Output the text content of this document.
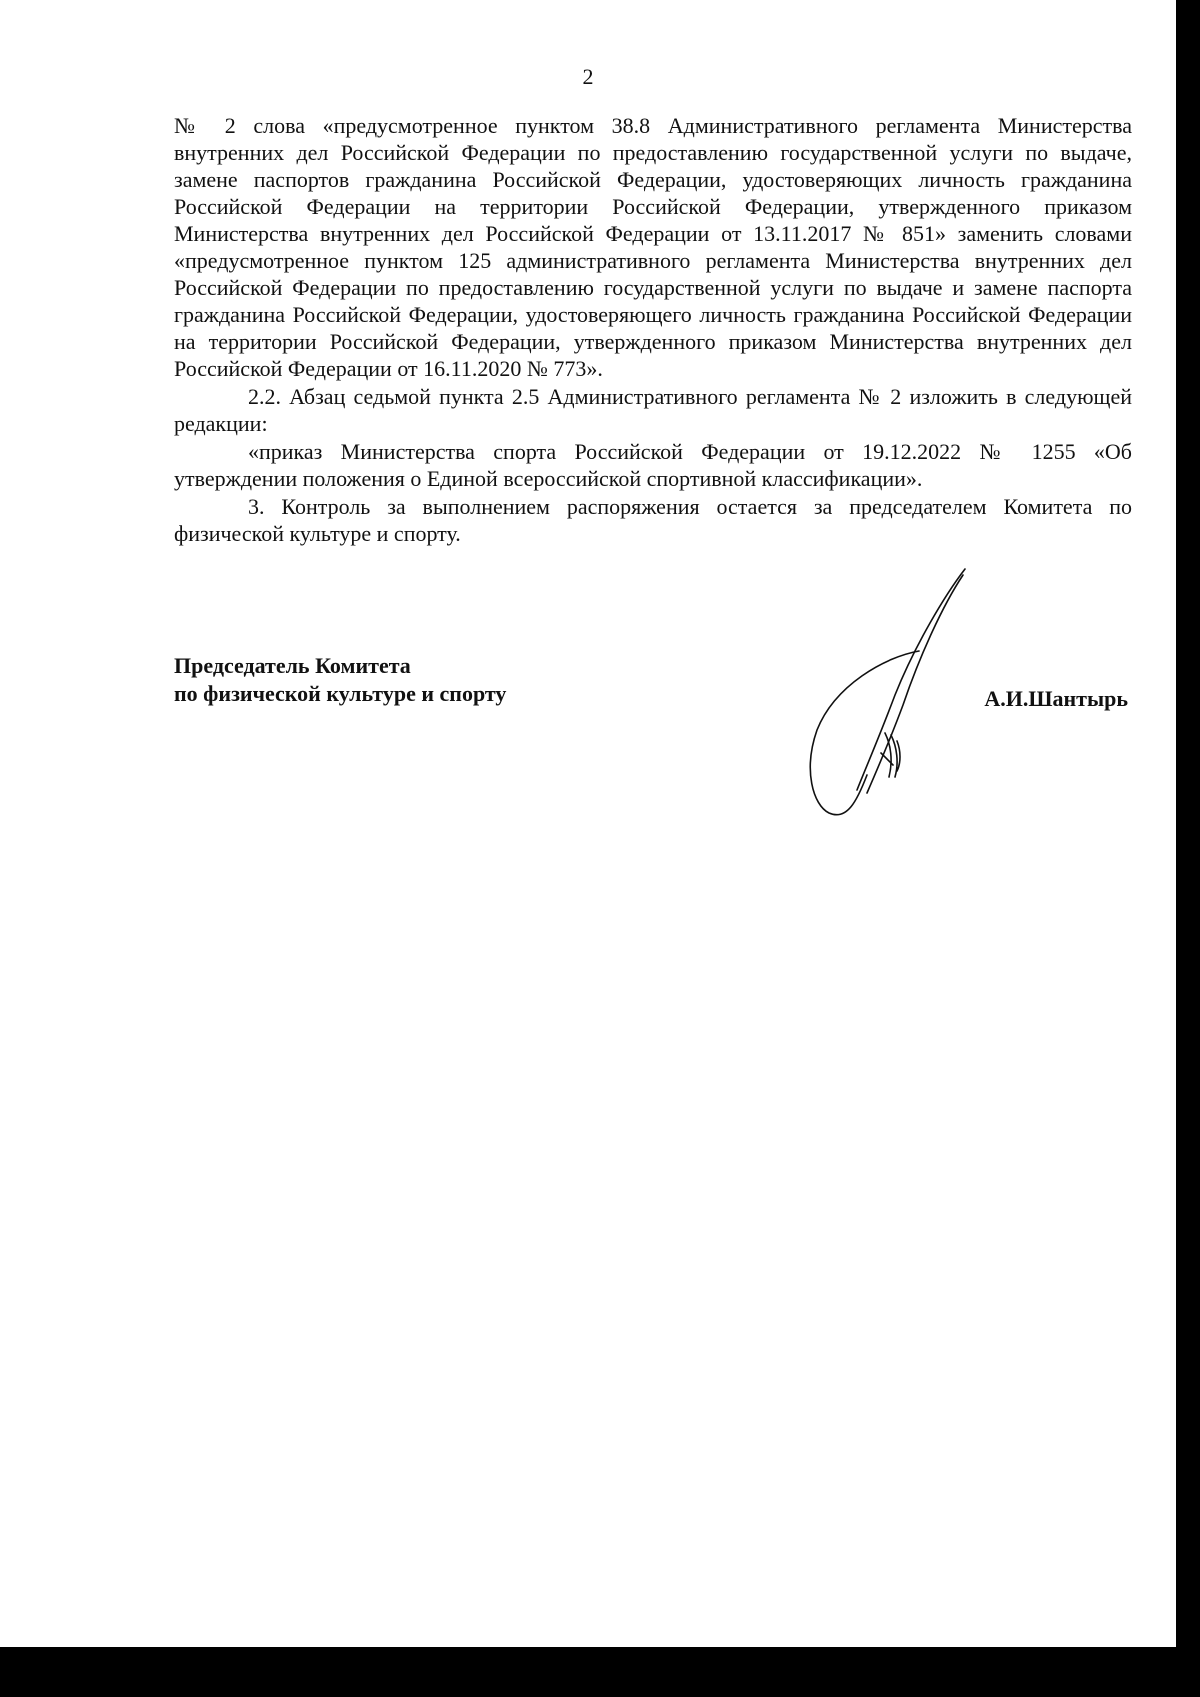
2

№ 2 слова «предусмотренное пунктом 38.8 Административного регламента Министерства внутренних дел Российской Федерации по предоставлению государственной услуги по выдаче, замене паспортов гражданина Российской Федерации, удостоверяющих личность гражданина Российской Федерации на территории Российской Федерации, утвержденного приказом Министерства внутренних дел Российской Федерации от 13.11.2017 № 851» заменить словами «предусмотренное пунктом 125 административного регламента Министерства внутренних дел Российской Федерации по предоставлению государственной услуги по выдаче и замене паспорта гражданина Российской Федерации, удостоверяющего личность гражданина Российской Федерации на территории Российской Федерации, утвержденного приказом Министерства внутренних дел Российской Федерации от 16.11.2020 № 773».

2.2. Абзац седьмой пункта 2.5 Административного регламента № 2 изложить в следующей редакции:

«приказ Министерства спорта Российской Федерации от 19.12.2022 № 1255 «Об утверждении положения о Единой всероссийской спортивной классификации».

3. Контроль за выполнением распоряжения остается за председателем Комитета по физической культуре и спорту.

Председатель Комитета
по физической культуре и спорту	А.И.Шантырь
